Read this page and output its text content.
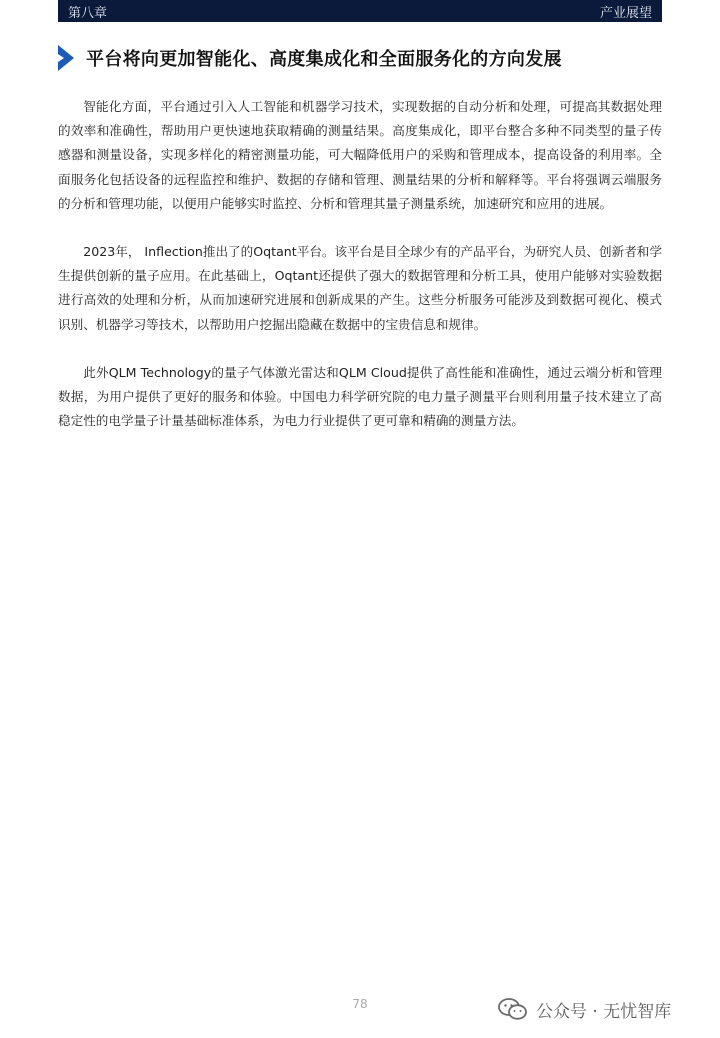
第八章	产业展望
平台将向更加智能化、高度集成化和全面服务化的方向发展

智能化方面，平台通过引入人工智能和机器学习技术，实现数据的自动分析和处理，可提高其数据处理的效率和准确性，帮助用户更快速地获取精确的测量结果。高度集成化，即平台整合多种不同类型的量子传感器和测量设备，实现多样化的精密测量功能，可大幅降低用户的采购和管理成本，提高设备的利用率。全面服务化包括设备的远程监控和维护、数据的存储和管理、测量结果的分析和解释等。平台将强调云端服务的分析和管理功能，以便用户能够实时监控、分析和管理其量子测量系统，加速研究和应用的进展。

2023年， Inflection推出了的Oqtant平台。该平台是目全球少有的产品平台，为研究人员、创新者和学生提供创新的量子应用。在此基础上，Oqtant还提供了强大的数据管理和分析工具，使用户能够对实验数据进行高效的处理和分析，从而加速研究进展和创新成果的产生。这些分析服务可能涉及到数据可视化、模式识别、机器学习等技术，以帮助用户挖掘出隐藏在数据中的宝贵信息和规律。

此外QLM Technology的量子气体激光雷达和QLM Cloud提供了高性能和准确性，通过云端分析和管理数据，为用户提供了更好的服务和体验。中国电力科学研究院的电力量子测量平台则利用量子技术建立了高稳定性的电学量子计量基础标准体系，为电力行业提供了更可靠和精确的测量方法。

78	公众号 · 无忧智库
